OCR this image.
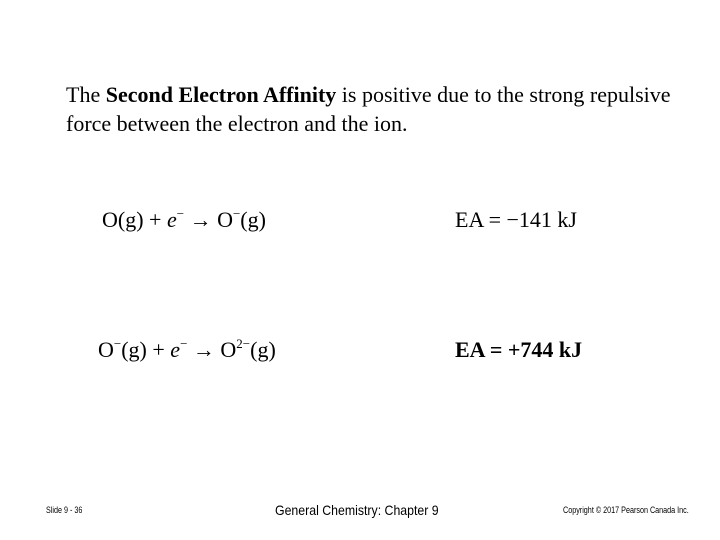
The Second Electron Affinity is positive due to the strong repulsive force between the electron and the ion.
O(g) + e− → O−(g)	EA = −141 kJ
$O^-(g) + e^- \to O^{2-}(g)$	EA = +744 kJ
Slide 9 - 36	General Chemistry: Chapter 9	Copyright © 2017 Pearson Canada Inc.
